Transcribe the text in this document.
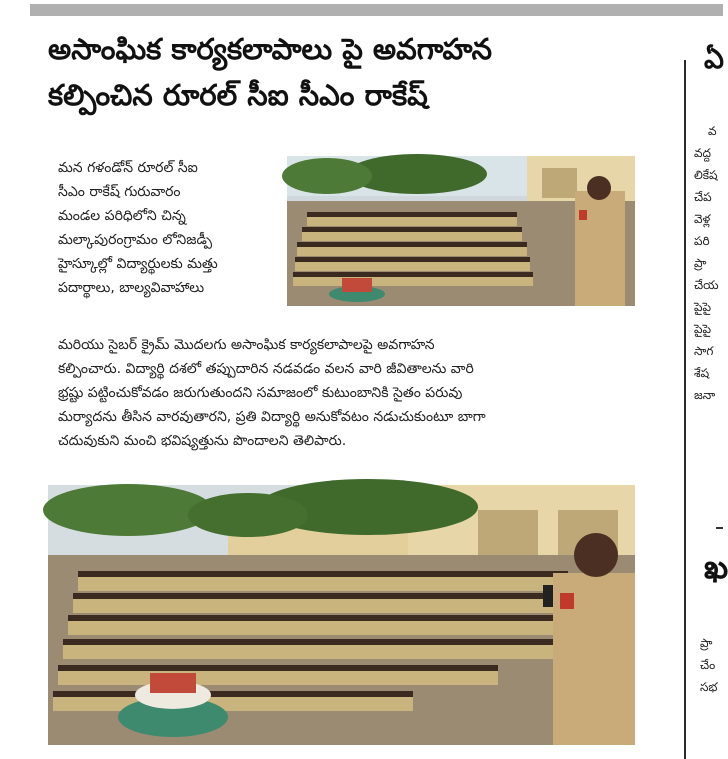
అసాంఘిక కార్యకలాపాలు పై అవగాహన
కల్పించిన రూరల్ సీఐ సీఎం రాకేష్

మన గళండోన్ రూరల్ సీఐ

సీఎం రాకేష్ గురువారం

మండల పరిధిలోని చిన్న

మల్కాపురంగ్రామం లోనిజడ్పీ

హైస్కూల్లో విద్యార్థులకు మత్తు

పదార్థాలు, బాల్యవివాహాలు

మరియు సైబర్ క్రైమ్ మొదలగు అసాంఘిక కార్యకలాపాలపై అవగాహన

కల్పించారు. విద్యార్థి దశలో తప్పుదారిన నడవడం వలన వారి జీవితాలను వారి

భ్రష్టు పట్టించుకోవడం జరుగుతుందని సమాజంలో కుటుంబానికి సైతం పరువు

మర్యాదను తీసిన వారవుతారని, ప్రతి విద్యార్థి అనుకోవటం నడుచుకుంటూ బాగా

చదువుకుని మంచి భవిష్యత్తును పొందాలని తెలిపారు.

ఏ
వ
వద్ద
లికేష
చేప
వెళ్ల
పరి
ప్రా
చేయ
పైపై
పైపై
సాగ
శేష
జనా
ఖ
ప్రా
చేం
సభ
